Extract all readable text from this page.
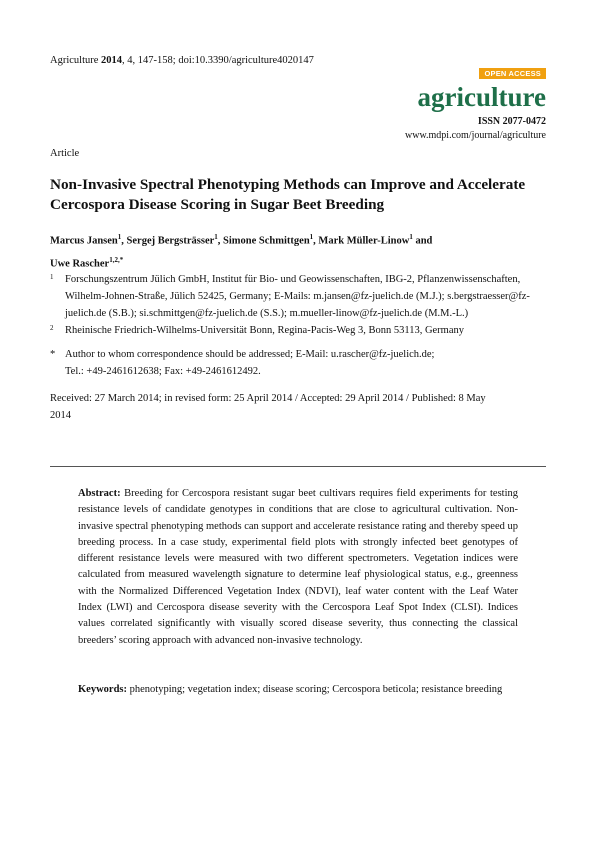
Agriculture 2014, 4, 147-158; doi:10.3390/agriculture4020147
OPEN ACCESS
agriculture
ISSN 2077-0472
www.mdpi.com/journal/agriculture
Article
Non-Invasive Spectral Phenotyping Methods can Improve and Accelerate Cercospora Disease Scoring in Sugar Beet Breeding
Marcus Jansen$^1$, Sergej Bergsträsser$^1$, Simone Schmittgen$^1$, Mark Müller-Linow$^1$ and
Uwe Rascher$^{1,2,*}$
1	Forschungszentrum Jülich GmbH, Institut für Bio- und Geowissenschaften, IBG-2, Pflanzenwissenschaften, Wilhelm-Johnen-Straße, Jülich 52425, Germany; E-Mails: m.jansen@fz-juelich.de (M.J.); s.bergstraesser@fz-juelich.de (S.B.); si.schmittgen@fz-juelich.de (S.S.); m.mueller-linow@fz-juelich.de (M.M.-L.)
2	Rheinische Friedrich-Wilhelms-Universität Bonn, Regina-Pacis-Weg 3, Bonn 53113, Germany
* Author to whom correspondence should be addressed; E-Mail: u.rascher@fz-juelich.de;
Tel.: +49-2461612638; Fax: +49-2461612492.
Received: 27 March 2014; in revised form: 25 April 2014 / Accepted: 29 April 2014 / Published: 8 May 2014
Abstract: Breeding for Cercospora resistant sugar beet cultivars requires field experiments for testing resistance levels of candidate genotypes in conditions that are close to agricultural cultivation. Non-invasive spectral phenotyping methods can support and accelerate resistance rating and thereby speed up breeding process. In a case study, experimental field plots with strongly infected beet genotypes of different resistance levels were measured with two different spectrometers. Vegetation indices were calculated from measured wavelength signature to determine leaf physiological status, e.g., greenness with the Normalized Differenced Vegetation Index (NDVI), leaf water content with the Leaf Water Index (LWI) and Cercospora disease severity with the Cercospora Leaf Spot Index (CLSI). Indices values correlated significantly with visually scored disease severity, thus connecting the classical breeders’ scoring approach with advanced non-invasive technology.
Keywords: phenotyping; vegetation index; disease scoring; Cercospora beticola; resistance breeding
